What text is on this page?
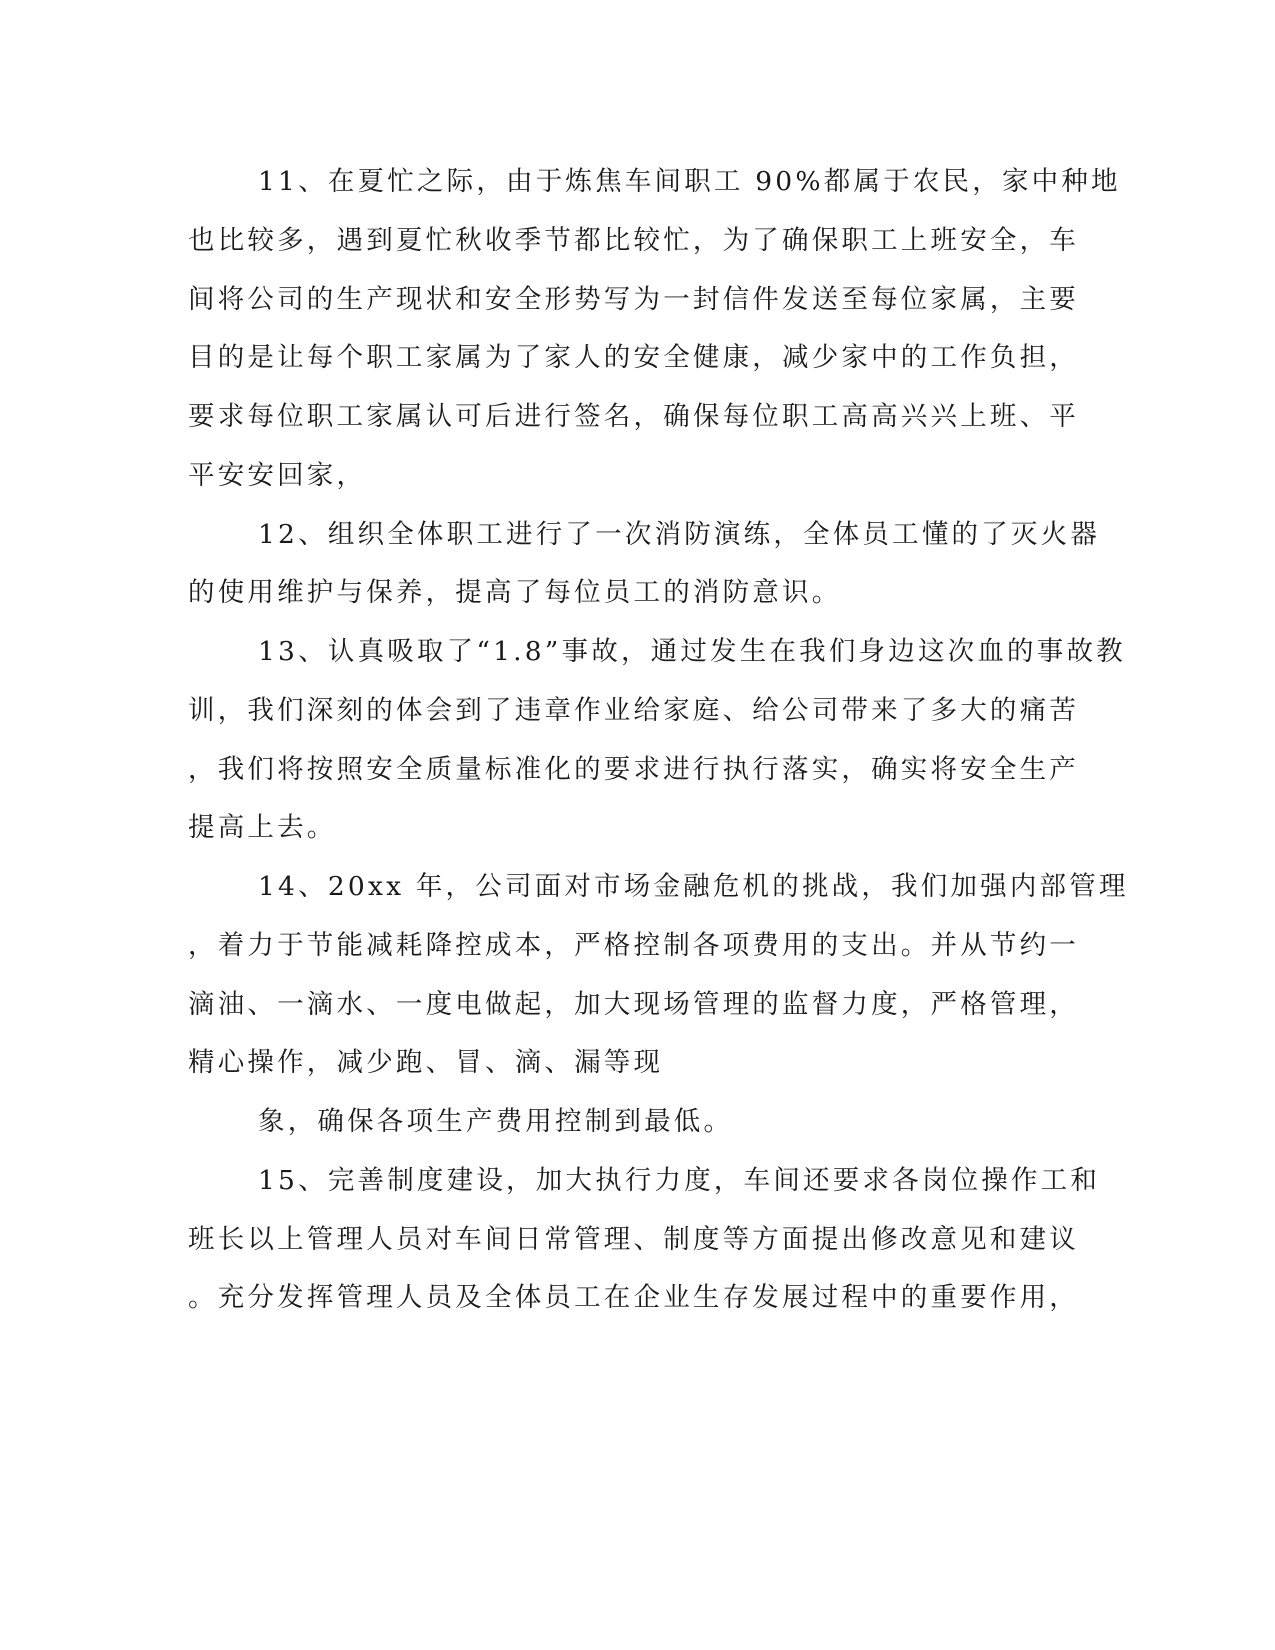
11、在夏忙之际，由于炼焦车间职工 90%都属于农民，家中种地
也比较多，遇到夏忙秋收季节都比较忙，为了确保职工上班安全，车
间将公司的生产现状和安全形势写为一封信件发送至每位家属，主要
目的是让每个职工家属为了家人的安全健康，减少家中的工作负担，
要求每位职工家属认可后进行签名，确保每位职工高高兴兴上班、平
平安安回家，
12、组织全体职工进行了一次消防演练，全体员工懂的了灭火器
的使用维护与保养，提高了每位员工的消防意识。
13、认真吸取了“1.8”事故，通过发生在我们身边这次血的事故教
训，我们深刻的体会到了违章作业给家庭、给公司带来了多大的痛苦
，我们将按照安全质量标准化的要求进行执行落实，确实将安全生产
提高上去。
14、20xx 年，公司面对市场金融危机的挑战，我们加强内部管理
，着力于节能减耗降控成本，严格控制各项费用的支出。并从节约一
滴油、一滴水、一度电做起，加大现场管理的监督力度，严格管理，
精心操作，减少跑、冒、滴、漏等现
象，确保各项生产费用控制到最低。
15、完善制度建设，加大执行力度，车间还要求各岗位操作工和
班长以上管理人员对车间日常管理、制度等方面提出修改意见和建议
。充分发挥管理人员及全体员工在企业生存发展过程中的重要作用，
